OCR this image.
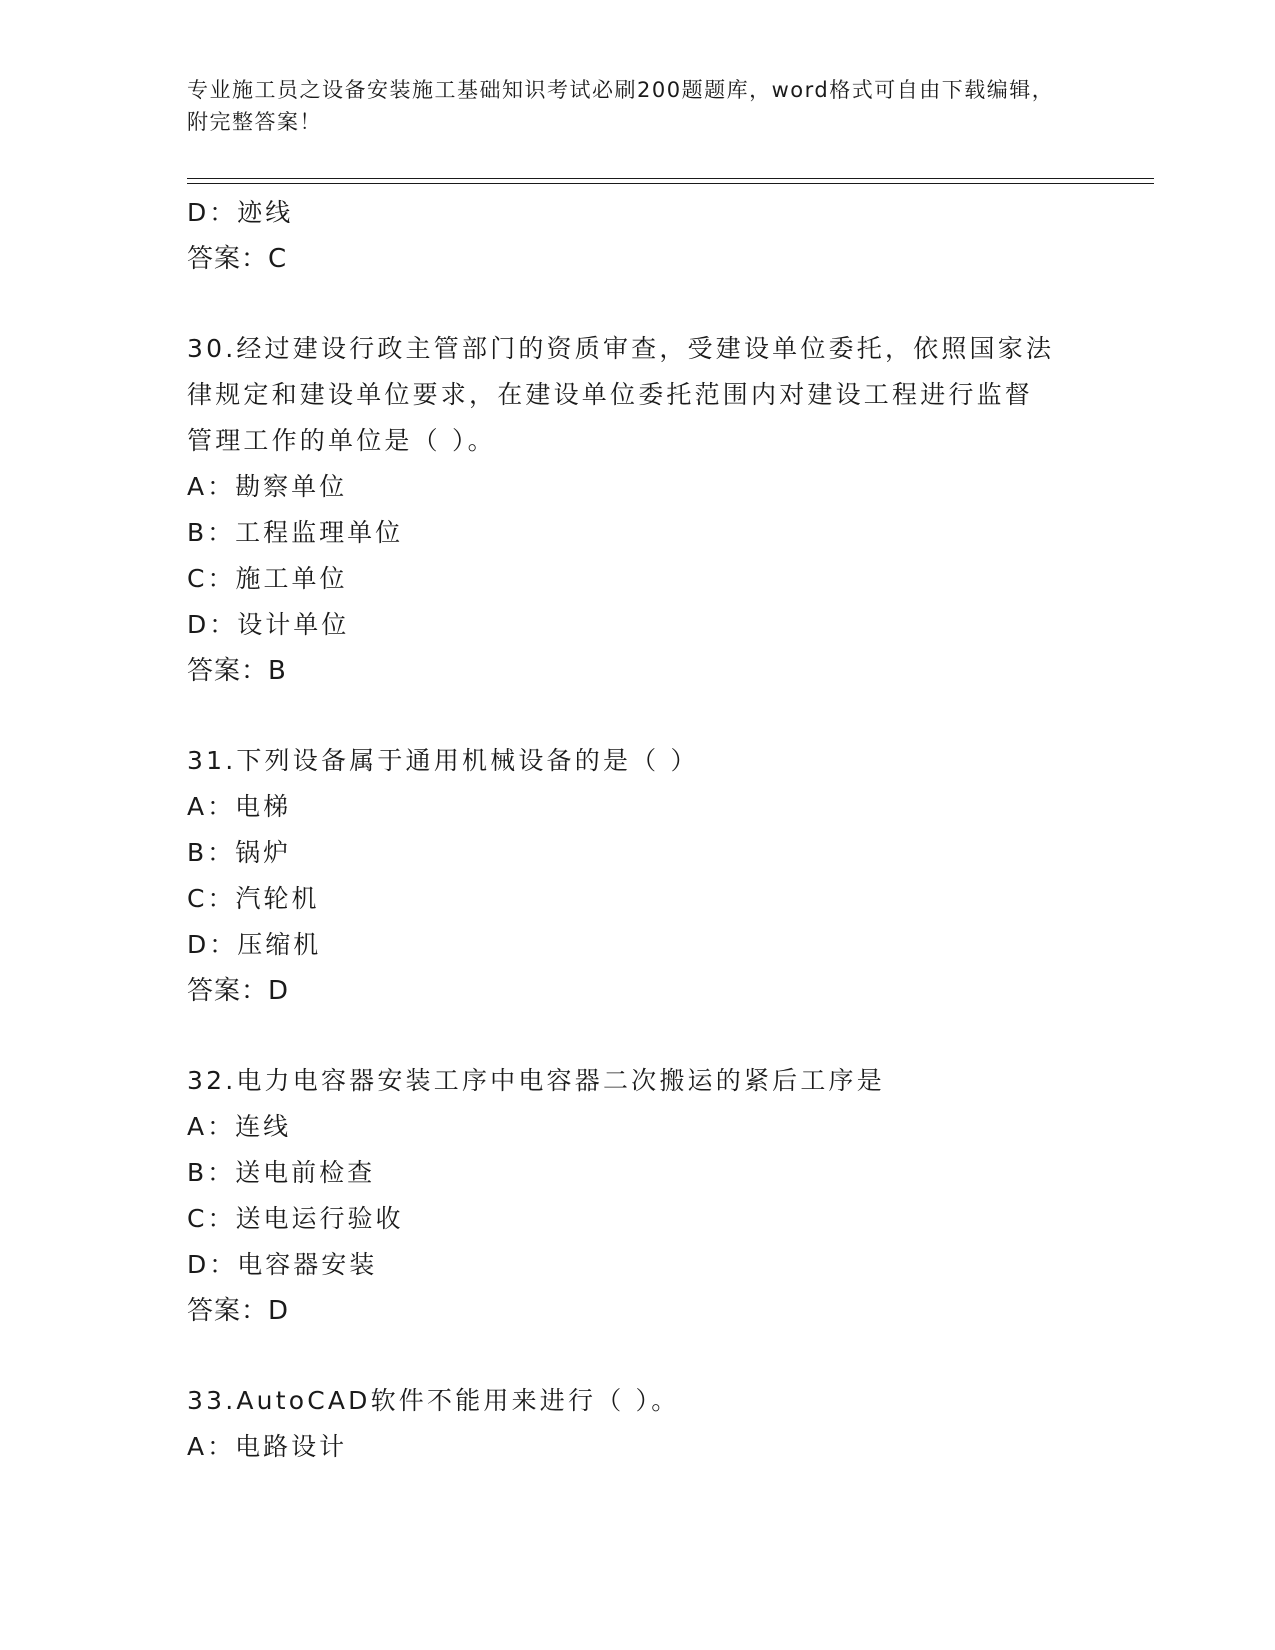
专业施工员之设备安装施工基础知识考试必刷200题题库，word格式可自由下载编辑，附完整答案！
D：迹线
答案：C
30.经过建设行政主管部门的资质审查，受建设单位委托，依照国家法
律规定和建设单位要求，在建设单位委托范围内对建设工程进行监督
管理工作的单位是（ ）。
A：勘察单位
B：工程监理单位
C：施工单位
D：设计单位
答案：B
31.下列设备属于通用机械设备的是（ ）
A：电梯
B：锅炉
C：汽轮机
D：压缩机
答案：D
32.电力电容器安装工序中电容器二次搬运的紧后工序是
A：连线
B：送电前检查
C：送电运行验收
D：电容器安装
答案：D
33.AutoCAD软件不能用来进行（ ）。
A：电路设计
